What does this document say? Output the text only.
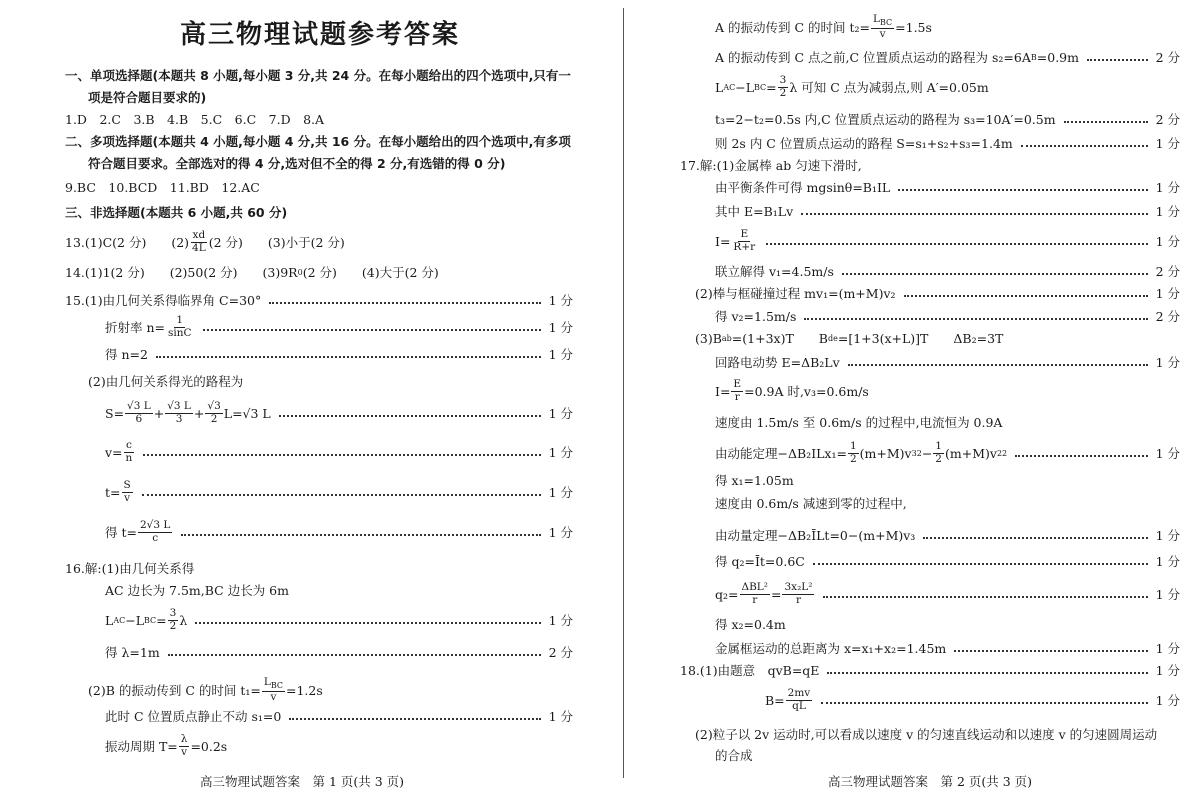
高三物理试题参考答案
一、单项选择题(本题共 8 小题,每小题 3 分,共 24 分。在每小题给出的四个选项中,只有一
项是符合题目要求的)
1.D　2.C　3.B　4.B　5.C　6.C　7.D　8.A
二、多项选择题(本题共 4 小题,每小题 4 分,共 16 分。在每小题给出的四个选项中,有多项
符合题目要求。全部选对的得 4 分,选对但不全的得 2 分,有选错的得 0 分)
9.BC　10.BCD　11.BD　12.AC
三、非选择题(本题共 6 小题,共 60 分)
13.(1)C(2 分)　　$(2) \frac{xd}{4L} (2$ 分)　　(3)小于(2 分)
14.(1)1(2 分)　　(2)50(2 分)　　(3)9R 0 (2 分)　　(4)大于(2 分)
15.(1)由几何关系得临界角 C=30°	1 分
折射率 $n= \frac{1}{\sin C}$	1 分
得 n=2	1 分
(2)由几何关系得光的路程为
$S= \frac{√3 L}{6} + \frac{√3 L}{3} + \frac{√3}{2} L=√3$ L	1 分
$v= \frac{c}{n}$	1 分
$t= \frac{S}{v}$	1 分
得 $t= \frac{2√3 L}{c}$	1 分
16.解:(1)由几何关系得
AC 边长为 7.5m,BC 边长为 6m
L AC −L BC = $\frac{3}{2}$ λ	1 分
得 λ=1m	2 分
(2)B 的振动传到 C 的时间 $t_1= \frac{L_{BC}}{v} =1.2s$
此时 C 位置质点静止不动 s₁=0	1 分
振动周期 $T= \frac{\lambda}{v} =0.2s$
高三物理试题答案　第 1 页(共 3 页)
A 的振动传到 C 的时间 $t_2= \frac{L_{BC}}{v} =1.5s$
A 的振动传到 C 点之前,C 位置质点运动的路程为 s₂=6A B =0.9m	2 分
L AC −L BC = $\frac{3}{2}$ λ 可知 C 点为减弱点,则 A′=0.05m
t₃=2−t₂=0.5s 内,C 位置质点运动的路程为 s₃=10A′=0.5m	2 分
则 2s 内 C 位置质点运动的路程 S=s₁+s₂+s₃=1.4m	1 分
17.解:(1)金属棒 ab 匀速下滑时,
由平衡条件可得 mgsinθ=B₁IL	1 分
其中 E=B₁Lv	1 分
$I= \frac{E}{R+r}$	1 分
联立解得 v₁=4.5m/s	2 分
(2)棒与框碰撞过程 mv₁=(m+M)v₂	1 分
得 v₂=1.5m/s	2 分
(3)B ab =(1+3x)T　　B de =[1+3(x+L)]T　　ΔB₂=3T
回路电动势 E=ΔB₂Lv	1 分
$I= \frac{E}{r} =0.9A$ 时,v₃=0.6m/s
速度由 1.5m/s 至 0.6m/s 的过程中,电流恒为 0.9A
由动能定理$-\Delta B_2ILx_1= \frac{1}{2} (m+M)v$ 3 $2 - \frac{1}{2} (m+M)v$ 2 2	1 分
得 x₁=1.05m
速度由 0.6m/s 减速到零的过程中,
由动量定理−ΔB₂ĪLt=0−(m+M)v₃	1 分
得 q₂=Īt=0.6C	1 分
$q_2= \frac{\text{ΔBL²}}{r} = \frac{\text{3x₂L²}}{r}$	1 分
得 x₂=0.4m
金属框运动的总距离为 x=x₁+x₂=1.45m	1 分
18.(1)由题意　qvB=qE	1 分
$B= \frac{2mv}{qL}$	1 分
(2)粒子以 2v 运动时,可以看成以速度 v 的匀速直线运动和以速度 v 的匀速圆周运动
的合成
高三物理试题答案　第 2 页(共 3 页)
